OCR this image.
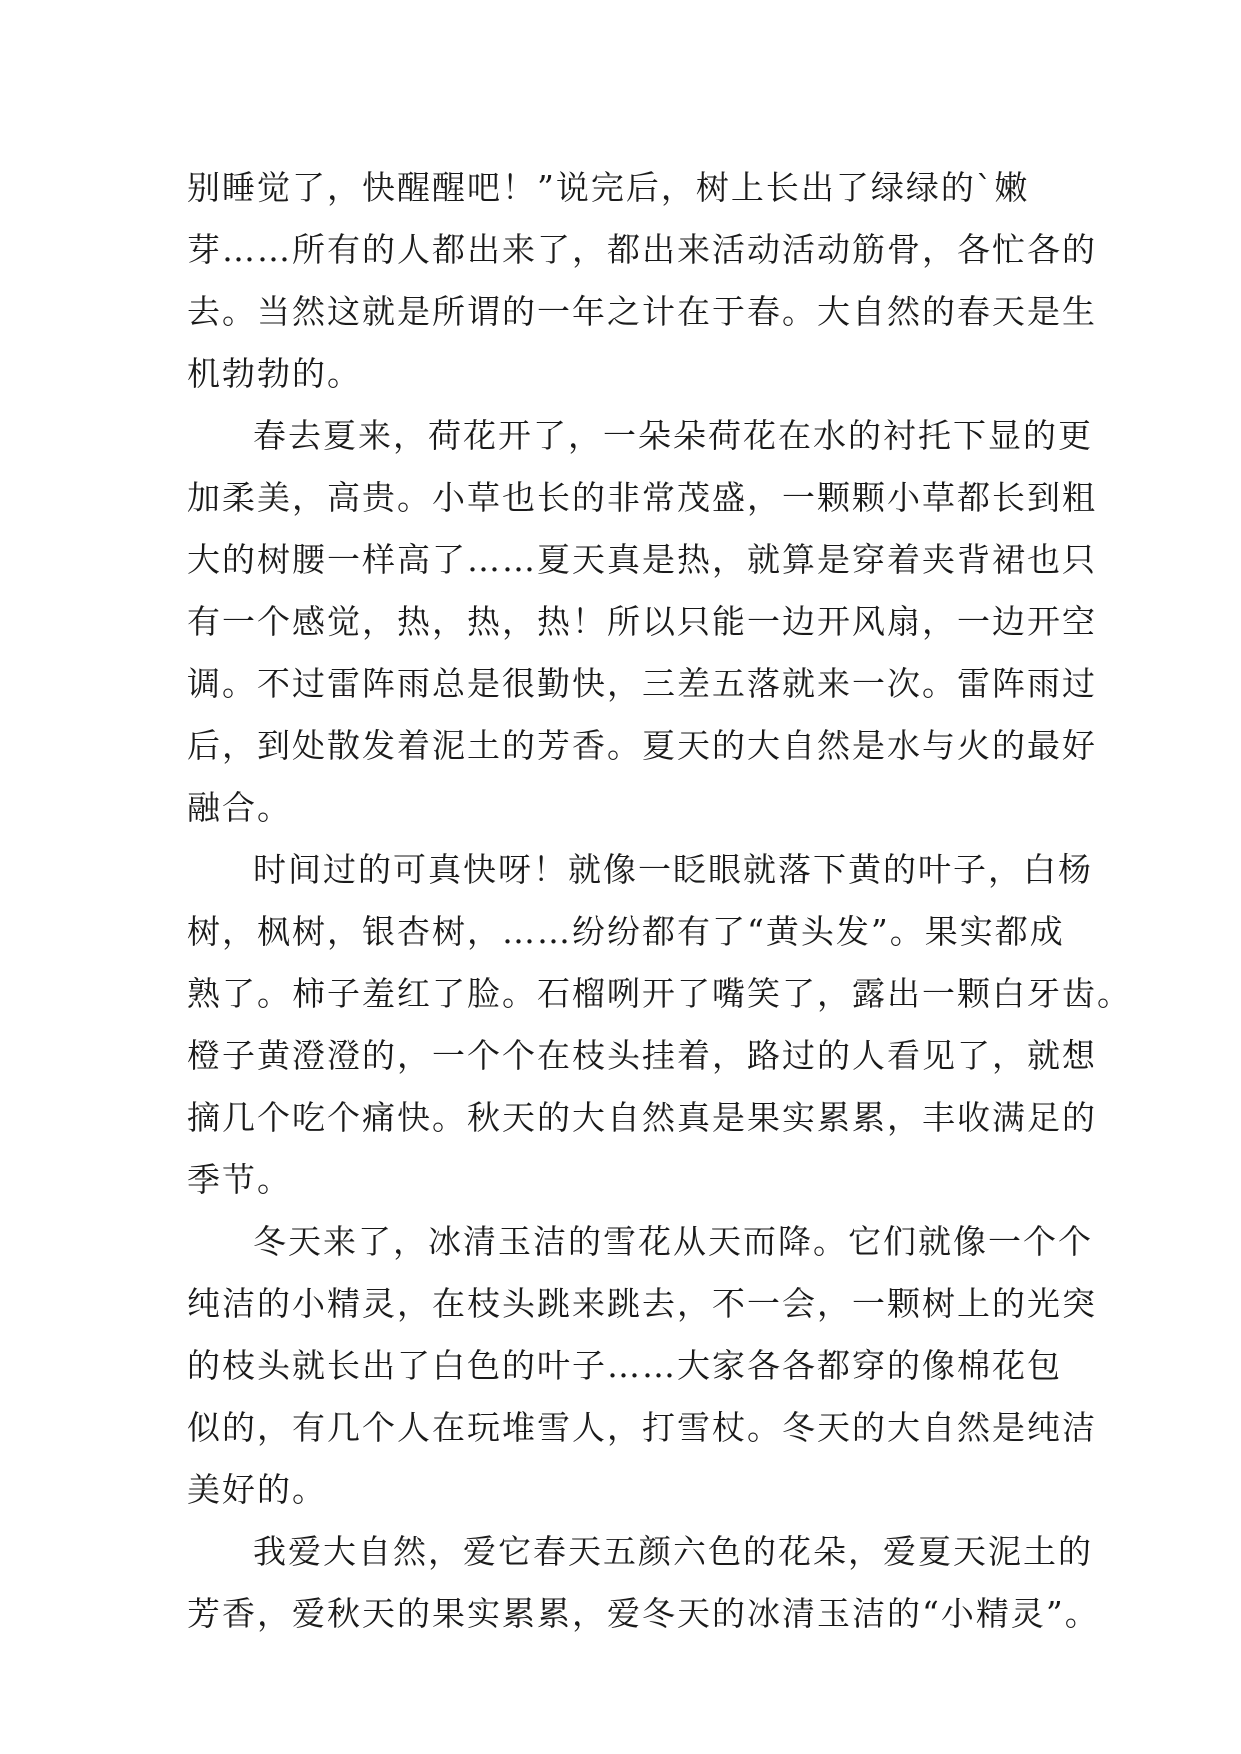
别睡觉了，快醒醒吧！”说完后，树上长出了绿绿的`嫩
芽……所有的人都出来了，都出来活动活动筋骨，各忙各的
去。当然这就是所谓的一年之计在于春。大自然的春天是生
机勃勃的。
春去夏来，荷花开了，一朵朵荷花在水的衬托下显的更
加柔美，高贵。小草也长的非常茂盛，一颗颗小草都长到粗
大的树腰一样高了……夏天真是热，就算是穿着夹背裙也只
有一个感觉，热，热，热！所以只能一边开风扇，一边开空
调。不过雷阵雨总是很勤快，三差五落就来一次。雷阵雨过
后，到处散发着泥土的芳香。夏天的大自然是水与火的最好
融合。
时间过的可真快呀！就像一眨眼就落下黄的叶子，白杨
树，枫树，银杏树，……纷纷都有了“黄头发”。果实都成
熟了。柿子羞红了脸。石榴咧开了嘴笑了，露出一颗白牙齿。
橙子黄澄澄的，一个个在枝头挂着，路过的人看见了，就想
摘几个吃个痛快。秋天的大自然真是果实累累，丰收满足的
季节。
冬天来了，冰清玉洁的雪花从天而降。它们就像一个个
纯洁的小精灵，在枝头跳来跳去，不一会，一颗树上的光突
的枝头就长出了白色的叶子……大家各各都穿的像棉花包
似的，有几个人在玩堆雪人，打雪杖。冬天的大自然是纯洁
美好的。
我爱大自然，爱它春天五颜六色的花朵，爱夏天泥土的
芳香，爱秋天的果实累累，爱冬天的冰清玉洁的“小精灵”。
